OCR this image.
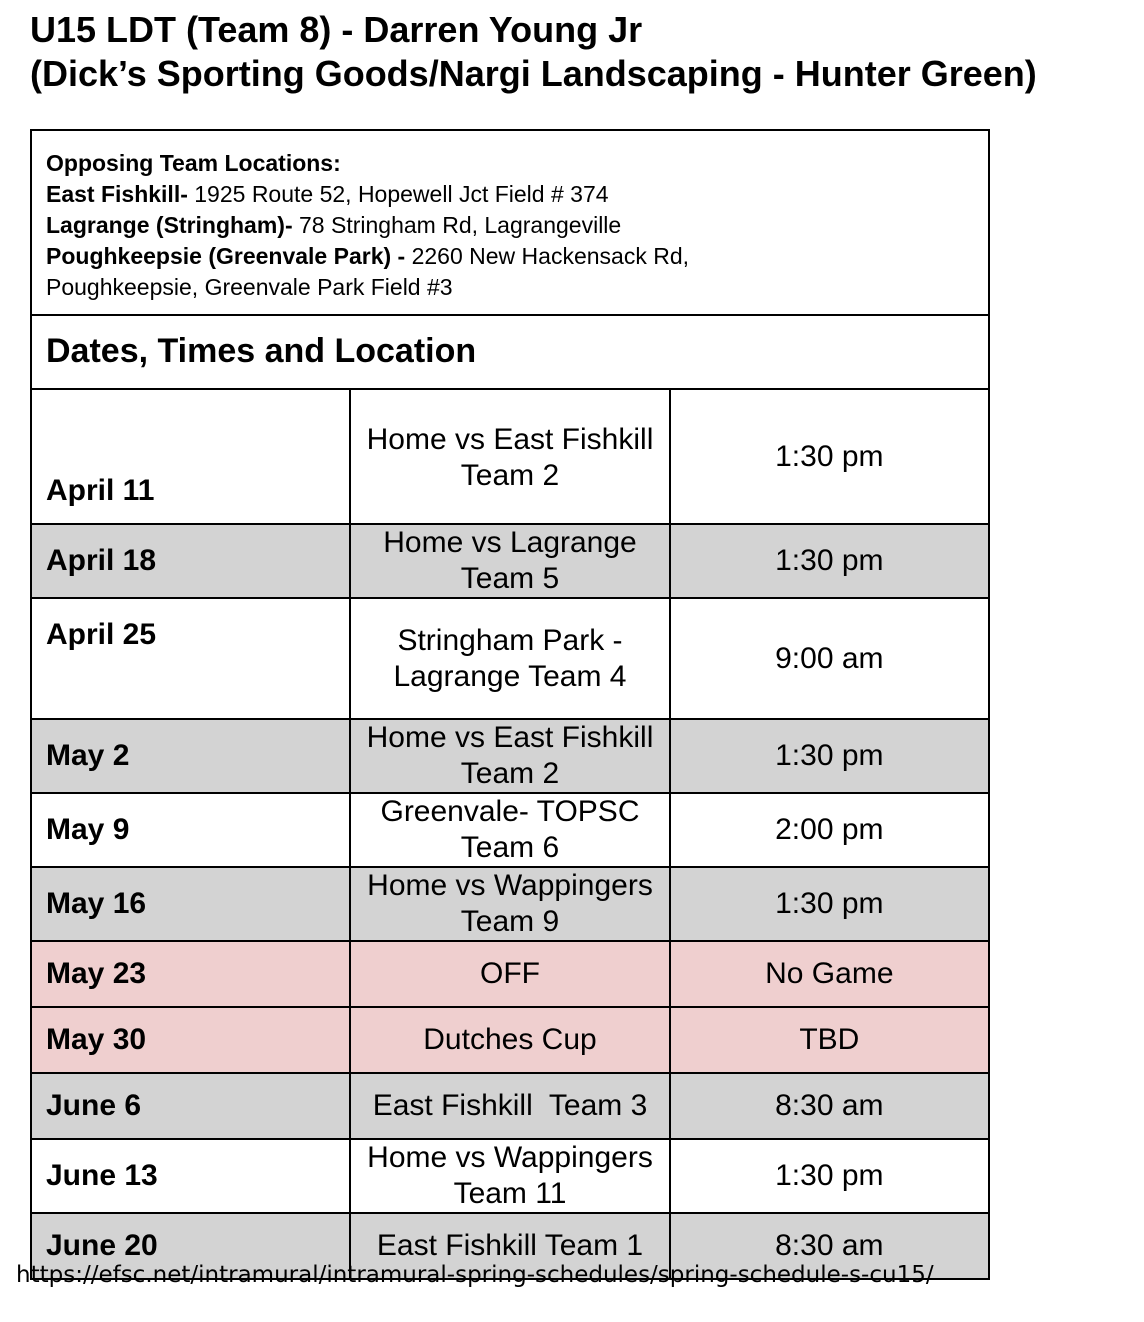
U15 LDT (Team 8) - Darren Young Jr
(Dick’s Sporting Goods/Nargi Landscaping - Hunter Green)
Opposing Team Locations:
East Fishkill- 1925 Route 52, Hopewell Jct Field # 374
Lagrange (Stringham)- 78 Stringham Rd, Lagrangeville
Poughkeepsie (Greenvale Park) - 2260 New Hackensack Rd,
Poughkeepsie, Greenvale Park Field #3		

Dates, Times and Location		
April 11	Home vs East Fishkill Team 2	1:30 pm
April 18	Home vs Lagrange Team 5	1:30 pm
April 25	Stringham Park - Lagrange Team 4	9:00 am
May 2	Home vs East Fishkill Team 2	1:30 pm
May 9	Greenvale- TOPSC Team 6	2:00 pm
May 16	Home vs Wappingers Team 9	1:30 pm
May 23	OFF	No Game
May 30	Dutches Cup	TBD
June 6	East Fishkill  Team 3	8:30 am
June 13	Home vs Wappingers Team 11	1:30 pm
June 20	East Fishkill Team 1	8:30 am
https://efsc.net/intramural/intramural-spring-schedules/spring-schedule-s-cu15/
